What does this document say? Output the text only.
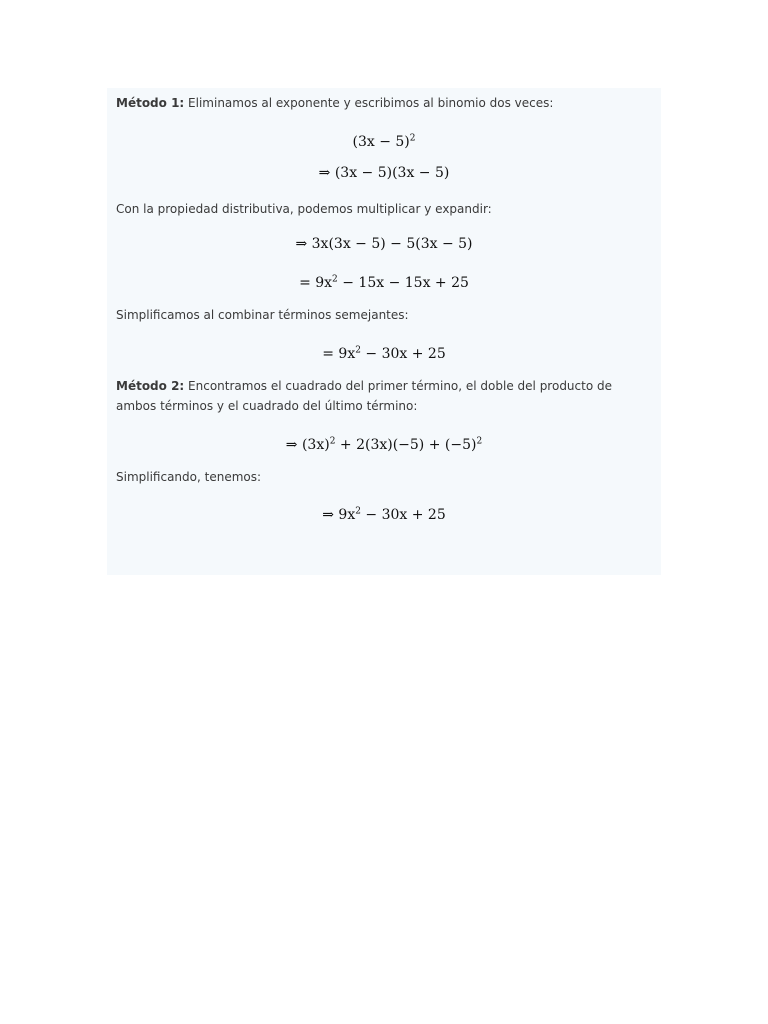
Método 1: Eliminamos al exponente y escribimos al binomio dos veces:
$(3x - 5)^2$
⇒ (3x − 5)(3x − 5)
Con la propiedad distributiva, podemos multiplicar y expandir:
⇒ 3x(3x − 5) − 5(3x − 5)
= $9x^2 - 15x - 15x + 25$
Simplificamos al combinar términos semejantes:
= $9x^2 - 30x + 25$
Método 2: Encontramos el cuadrado del primer término, el doble del producto de ambos términos y el cuadrado del último término:
⇒ $(3x)^2 + 2(3x)(-5) + (-5)^2$
Simplificando, tenemos:
⇒ $9x^2 - 30x + 25$
